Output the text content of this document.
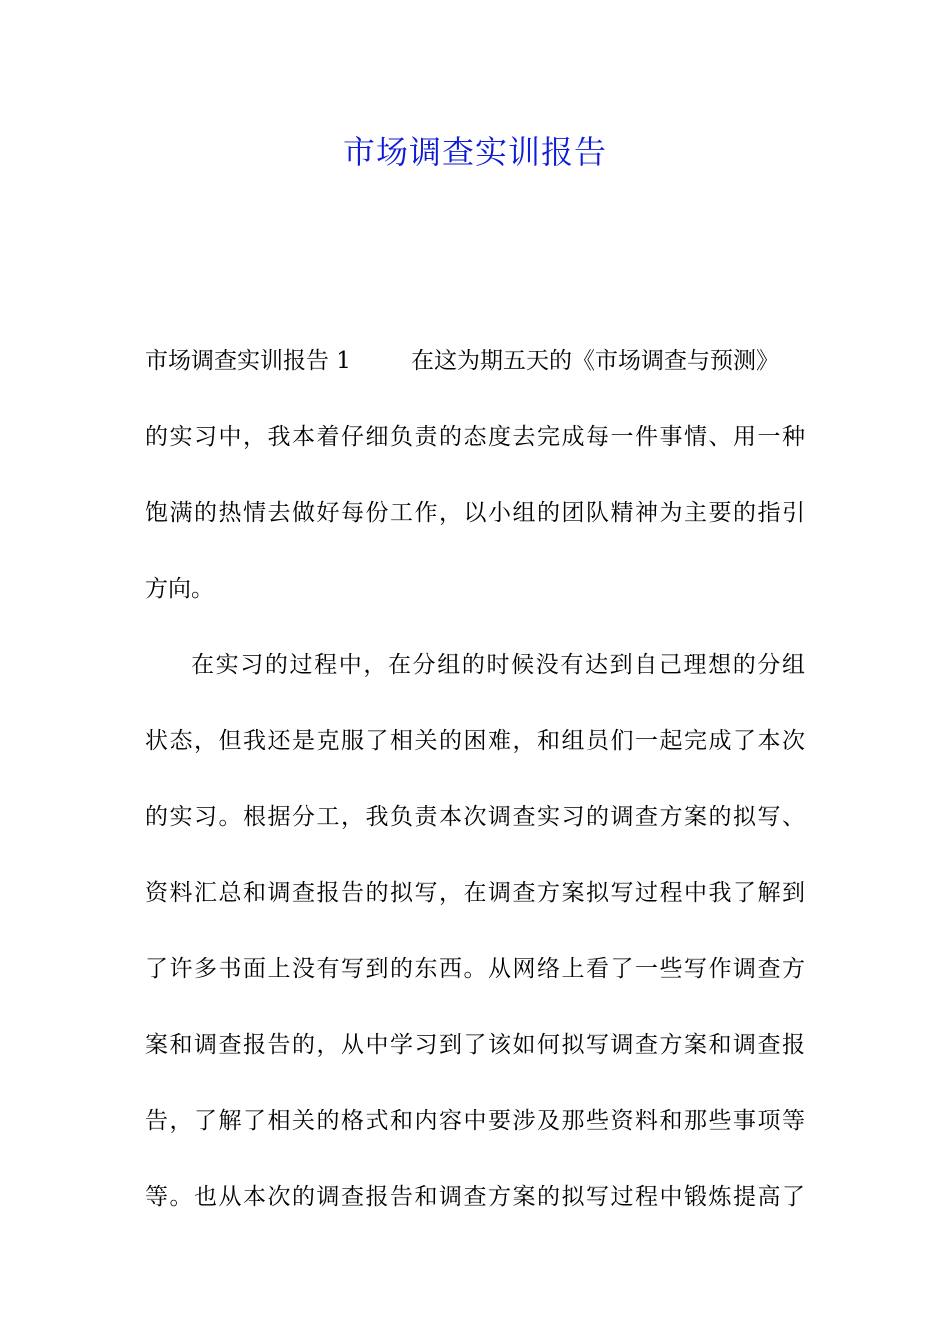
市场调查实训报告
市场调查实训报告 1	在这为期五天的《市场调查与预测》
的实习中，我本着仔细负责的态度去完成每一件事情、用一种
饱满的热情去做好每份工作，以小组的团队精神为主要的指引
方向。
在实习的过程中，在分组的时候没有达到自己理想的分组
状态，但我还是克服了相关的困难，和组员们一起完成了本次
的实习。根据分工，我负责本次调查实习的调查方案的拟写、
资料汇总和调查报告的拟写，在调查方案拟写过程中我了解到
了许多书面上没有写到的东西。从网络上看了一些写作调查方
案和调查报告的，从中学习到了该如何拟写调查方案和调查报
告，了解了相关的格式和内容中要涉及那些资料和那些事项等
等。也从本次的调查报告和调查方案的拟写过程中锻炼提高了
